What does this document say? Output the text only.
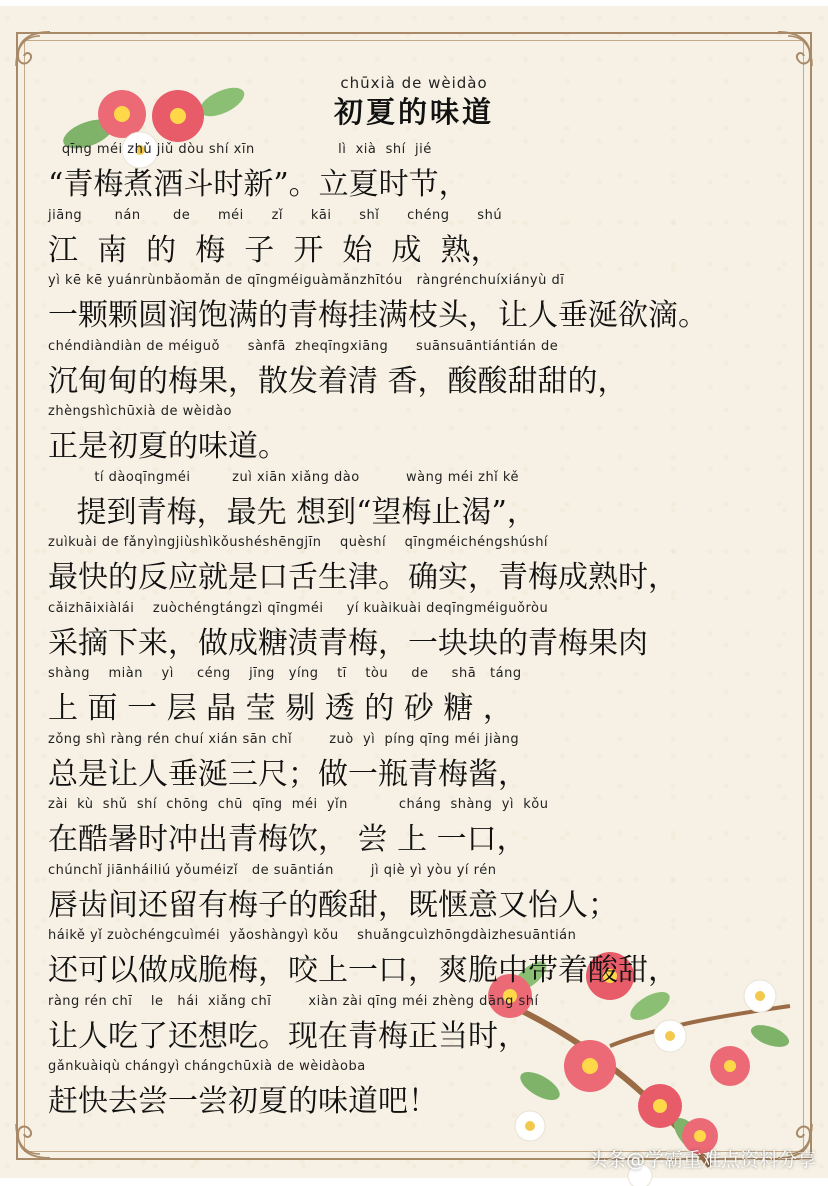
chūxià de wèidào
初夏的味道
qīng méi zhǔ jiǔ dòu shí xīn                  lì  xià  shí  jié
“青梅煮酒斗时新”。立夏时节，
jiāng       nán       de      méi      zǐ      kāi      shǐ      chéng      shú
江  南  的  梅  子  开  始  成  熟，
yì kē kē yuánrùnbǎomǎn de qīngméiguàmǎnzhītóu   ràngrénchuíxiányù dī
一颗颗圆润饱满的青梅挂满枝头，让人垂涎欲滴。
chéndiàndiàn de méiguǒ      sànfā  zheqīngxiāng      suānsuāntiántián de
沉甸甸的梅果，散发着清 香，酸酸甜甜的，
zhèngshìchūxià de wèidào
正是初夏的味道。
tí dàoqīngméi         zuì xiān xiǎng dào          wàng méi zhǐ kě
提到青梅，最先 想到“望梅止渴”，
zuìkuài de fǎnyìngjiùshìkǒushéshēngjīn    quèshí    qīngméichéngshúshí
最快的反应就是口舌生津。确实，青梅成熟时，
cǎizhāixiàlái    zuòchéngtángzì qīngméi     yí kuàikuài deqīngméiguǒròu
采摘下来，做成糖渍青梅，一块块的青梅果肉
shàng    miàn    yì     céng    jīng   yíng    tī    tòu     de     shā   táng
上 面 一 层 晶 莹 剔 透 的 砂 糖 ，
zǒng shì ràng rén chuí xián sān chǐ        zuò  yì  píng qīng méi jiàng
总是让人垂涎三尺；做一瓶青梅酱，
zài  kù  shǔ  shí  chōng  chū  qīng  méi  yǐn           cháng  shàng  yì  kǒu
在酷暑时冲出青梅饮， 尝 上 一口，
chúnchǐ jiānháiliú yǒuméizǐ   de suāntián        jì qiè yì yòu yí rén
唇齿间还留有梅子的酸甜，既惬意又怡人；
háikě yǐ zuòchéngcuìméi  yǎoshàngyì kǒu    shuǎngcuìzhōngdàizhesuāntián
还可以做成脆梅，咬上一口，爽脆中带着酸甜，
ràng rén chī    le   hái  xiǎng chī        xiàn zài qīng méi zhèng dāng shí
让人吃了还想吃。现在青梅正当时，
gǎnkuàiqù chángyì chángchūxià de wèidàoba
赶快去尝一尝初夏的味道吧！
头条@学霸重难点资料分享
